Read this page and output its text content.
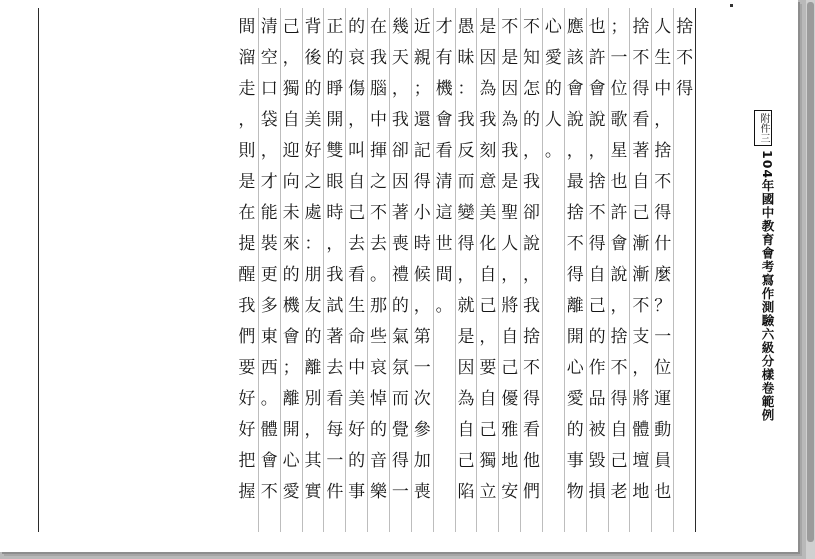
附件三
104年國中教育會考寫作測驗六級分樣卷範例
捨
不
得
人
生
中
，
捨
不
得
什
麼
？
一
位
運
動
員
也
捨
不
得
看
著
自
己
漸
漸
不
支
，
將
體
壇
地
；
一
位
歌
星
也
許
會
說
，
捨
不
得
自
己
老
也
許
會
說
，
捨
不
得
自
己
的
作
品
被
毀
損
應
該
會
說
，
最
捨
不
得
離
開
心
愛
的
事
物
心
愛
的
人
。
不
知
怎
的
，
我
卻
說
，
我
捨
不
得
看
他
們
不
是
因
為
我
是
聖
人
，
將
自
己
優
雅
地
安
是
因
為
我
刻
意
美
化
自
己
，
要
自
己
獨
立
愚
昧
：
我
反
而
變
得
，
就
是
因
為
自
己
陷
才
有
機
會
看
清
這
世
間
。
近
親
；
還
記
得
小
時
候
，
第
一
次
參
加
喪
幾
天
，
我
卻
因
著
喪
禮
的
氣
氛
而
覺
得
一
在
我
腦
中
揮
之
不
去
。
那
些
哀
悼
的
音
樂
的
哀
傷
，
叫
自
己
去
看
生
命
中
美
好
的
事
正
的
睜
開
雙
眼
時
，
我
試
著
去
看
每
一
件
背
後
的
美
好
之
處
：
朋
友
的
離
別
，
其
實
己
，
獨
自
迎
向
未
來
的
機
會
；
離
開
心
愛
清
空
口
袋
，
才
能
裝
更
多
東
西
。
體
會
不
間
溜
走
，
則
是
在
提
醒
我
們
要
好
好
把
握
